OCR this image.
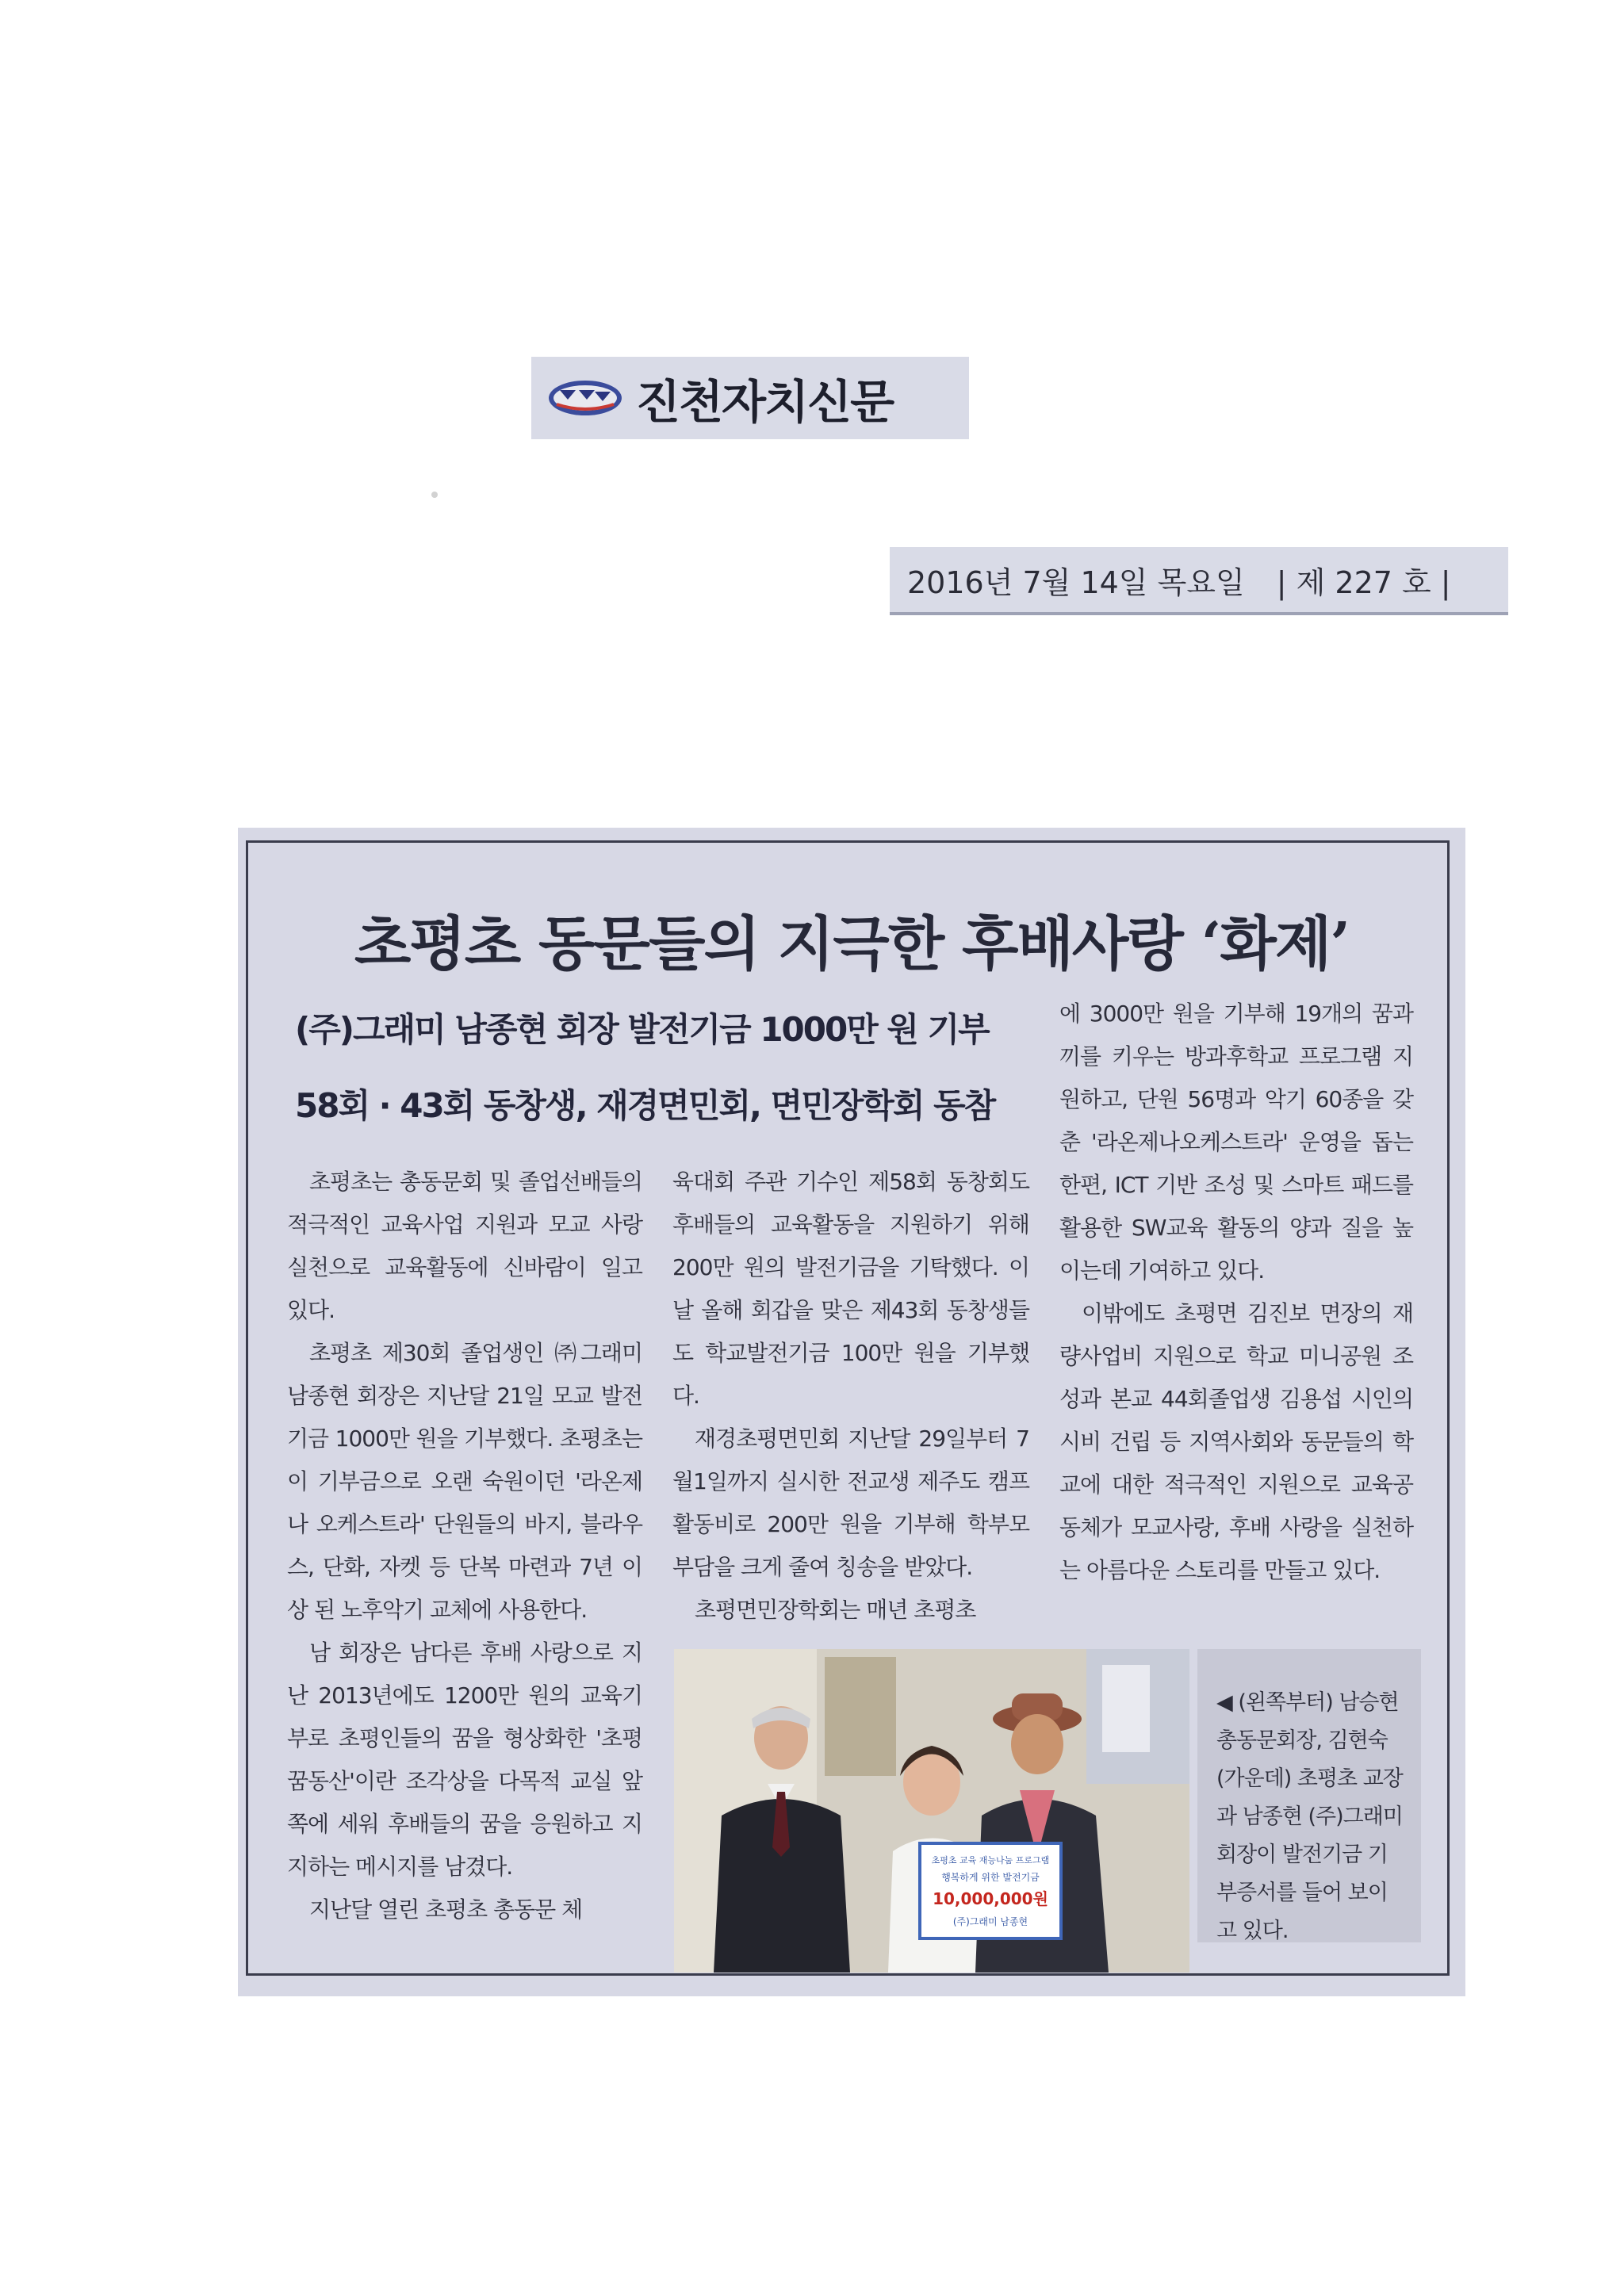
진천자치신문
2016년 7월 14일 목요일 | 제 227 호 |
초평초 동문들의 지극한 후배사랑 ‘화제’
(주)그래미 남종현 회장 발전기금 1000만 원 기부
58회 · 43회 동창생, 재경면민회, 면민장학회 동참

초평초는 총동문회 및 졸업선배들의 적극적인 교육사업 지원과 모교 사랑 실천으로 교육활동에 신바람이 일고 있다.

초평초 제30회 졸업생인 ㈜그래미 남종현 회장은 지난달 21일 모교 발전기금 1000만 원을 기부했다. 초평초는 이 기부금으로 오랜 숙원이던 '라온제나 오케스트라' 단원들의 바지, 블라우스, 단화, 자켓 등 단복 마련과 7년 이상 된 노후악기 교체에 사용한다.

남 회장은 남다른 후배 사랑으로 지난 2013년에도 1200만 원의 교육기부로 초평인들의 꿈을 형상화한 '초평 꿈동산'이란 조각상을 다목적 교실 앞쪽에 세워 후배들의 꿈을 응원하고 지지하는 메시지를 남겼다.

지난달 열린 초평초 총동문 체

육대회 주관 기수인 제58회 동창회도 후배들의 교육활동을 지원하기 위해 200만 원의 발전기금을 기탁했다. 이날 올해 회갑을 맞은 제43회 동창생들도 학교발전기금 100만 원을 기부했다.

재경초평면민회 지난달 29일부터 7월1일까지 실시한 전교생 제주도 캠프 활동비로 200만 원을 기부해 학부모 부담을 크게 줄여 칭송을 받았다.

초평면민장학회는 매년 초평초

에 3000만 원을 기부해 19개의 꿈과 끼를 키우는 방과후학교 프로그램 지원하고, 단원 56명과 악기 60종을 갖춘 '라온제나오케스트라' 운영을 돕는 한편, ICT 기반 조성 및 스마트 패드를 활용한 SW교육 활동의 양과 질을 높이는데 기여하고 있다.

이밖에도 초평면 김진보 면장의 재량사업비 지원으로 학교 미니공원 조성과 본교 44회졸업생 김용섭 시인의 시비 건립 등 지역사회와 동문들의 학교에 대한 적극적인 지원으로 교육공동체가 모교사랑, 후배 사랑을 실천하는 아름다운 스토리를 만들고 있다.

초평초 교육 재능나눔 프로그램
행복하게 위한 발전기금
10,000,000원
(주)그래미 남종현
◀ (왼쪽부터) 남승현 총동문회장, 김현숙(가운데) 초평초 교장과 남종현 (주)그래미 회장이 발전기금 기부증서를 들어 보이고 있다.
